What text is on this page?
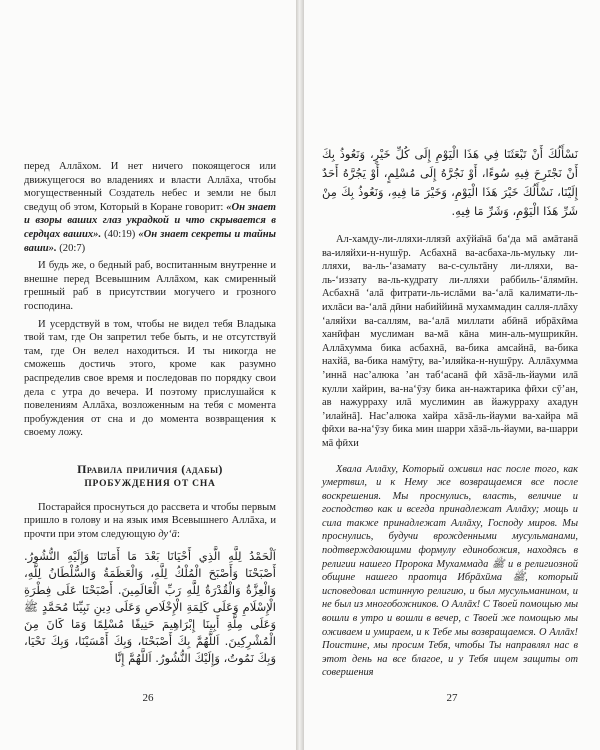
перед Аллāхом. И нет ничего покоящегося или движущегося во владениях и власти Аллāха, чтобы могущественный Создатель небес и земли не был сведущ об этом, Который в Коране говорит: «Он знает и взоры ваших глаз украдкой и что скрывается в сердцах ваших». (40:19) «Он знает секреты и тайны ваши». (20:7)

И будь же, о бедный раб, воспитанным внутренне и внешне перед Всевышним Аллāхом, как смиренный грешный раб в присутствии могучего и грозного господина.

И усердствуй в том, чтобы не видел тебя Владыка твой там, где Он запретил тебе быть, и не отсутствуй там, где Он велел находиться. И ты никогда не сможешь достичь этого, кроме как разумно распределив свое время и последовав по порядку свои дела с утра до вечера. И поэтому прислушайся к повелениям Аллāха, возложенным на тебя с момента пробуждения от сна и до момента возвращения к своему ложу.

Правила приличия (адабы)
ПРОБУЖДЕНИЯ ОТ СНА

Постарайся проснуться до рассвета и чтобы первым пришло в голову и на язык имя Всевышнего Аллāха, и прочти при этом следующую ду‘ā:

اَلْحَمْدُ لِلَّهِ الَّذِي أَحْيَانَا بَعْدَ مَا أَمَاتَنَا وَإِلَيْهِ النُّشُورُ. أَصْبَحْنَا وَأَصْبَحَ الْمُلْكُ لِلَّهِ، وَالْعَظَمَةُ وَالسُّلْطَانُ لِلَّهِ، وَالْعِزَّةُ وَالْقُدْرَةُ لِلَّهِ رَبِّ الْعَالَمِينَ. أَصْبَحْنَا عَلَى فِطْرَةِ الْإِسْلَامِ وَعَلَى كَلِمَةِ الْإِخْلَاصِ وَعَلَى دِينِ نَبِيِّنَا مُحَمَّدٍ ﷺ وَعَلَى مِلَّةِ أَبِينَا إِبْرَاهِيمَ حَنِيفًا مُسْلِمًا وَمَا كَانَ مِنَ الْمُشْرِكِينَ. اَللَّهُمَّ بِكَ أَصْبَحْنَا، وَبِكَ أَمْسَيْنَا، وَبِكَ نَحْيَا، وَبِكَ نَمُوتُ، وَإِلَيْكَ النُّشُورُ. اَللَّهُمَّ إِنَّا
26
نَسْأَلُكَ أَنْ تَبْعَثَنَا فِي هَذَا الْيَوْمِ إِلَى كُلِّ خَيْرٍ، وَنَعُوذُ بِكَ أَنْ نَجْتَرِحَ فِيهِ سُوءًا، أَوْ نَجُرَّهُ إِلَى مُسْلِمٍ، أَوْ يَجُرَّهُ أَحَدٌ إِلَيْنَا، نَسْأَلُكَ خَيْرَ هَذَا الْيَوْمِ، وَخَيْرَ مَا فِيهِ، وَنَعُوذُ بِكَ مِنْ شَرِّ هَذَا الْيَوْمِ، وَشَرِّ مَا فِيهِ.

Ал-хамду-ли-лляхи-ллязӣ ахӯйа̄нā ба‘да мā амāтанā ва-иляйхи-н-нушӯр. Асбахнā ва-асбаха-ль-мульку ли-лляхи, ва-ль-‘азамату ва-с-сультāну ли-лляхи, ва-ль-‘иззату ва-ль-кудрату ли-лляхи раббиль-‘āлямӣн. Асбахнā ‘алā фитрати-ль-ислāми ва-‘алā калимати-ль-ихлāси ва-‘алā дӣни набиййинā мухаммадин салля-ллāху ‘аляйхи ва-саллям, ва-‘алā миллати абӣнā ибрāхӣма ханӣфан муслиман ва-мā кāна мин-аль-мушрикӣн. Аллāхумма бика асбахнā, ва-бика амсайнā, ва-бика нахйā, ва-бика намӯту, ва-’иляйка-н-нушӯру. Аллāхумма ’иннā нас’алюка ’ан таб‘асанā фӣ хāзā-ль-йауми илā кулли хайрин, ва-на‘ӯзу бика ан-нажтарика фӣхи сӯ’ан, ав нажурраху илā муслимин ав йажурраху ахадун ’илайнā]. Нас’алюка хайра хāзā-ль-йауми ва-хайра мā фӣхи ва-на‘ӯзу бика мин шарри хāзā-ль-йауми, ва-шарри мā фӣхи

Хвала Аллāху, Который оживил нас после того, как умертвил, и к Нему же возвращаемся все после воскрешения. Мы проснулись, власть, величие и господство как и всегда принадлежат Аллāху; мощь и сила также принадлежат Аллāху, Господу миров. Мы проснулись, будучи врожденными мусульманами, подтверждающими формулу единобожия, находясь в религии нашего Пророка Мухаммада ﷺ и в религиозной общине нашего праотца Ибрāхӣма ﷺ, который исповедовал истинную религию, и был мусульманином, и не был из многобожников. О Аллāх! С Твоей помощью мы вошли в утро и вошли в вечер, с Твоей же помощью мы оживаем и умираем, и к Тебе мы возвращаемся. О Аллāх! Поистине, мы просим Тебя, чтобы Ты направлял нас в этот день на все благое, и у Тебя ищем защиты от совершения

27
